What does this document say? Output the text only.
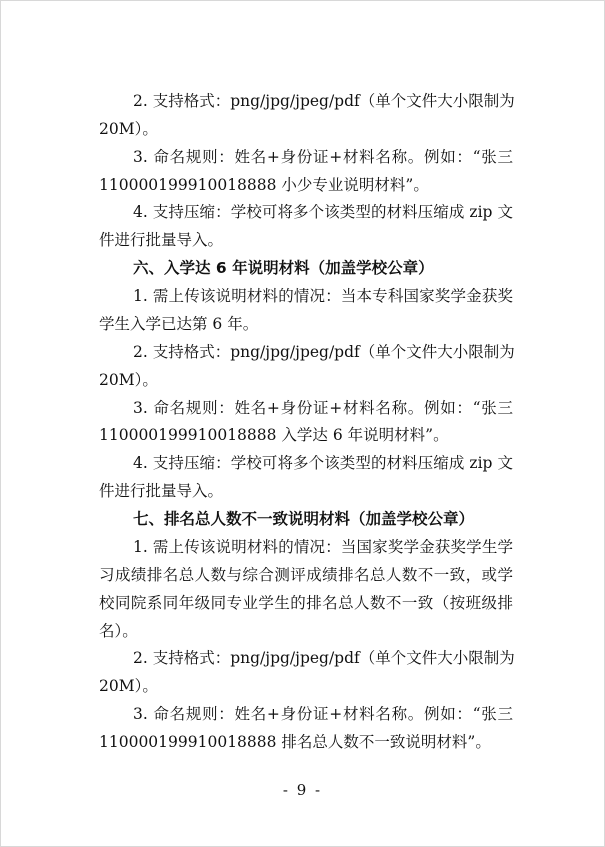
2. 支持格式：png/jpg/jpeg/pdf（单个文件大小限制为
20M）。
3. 命名规则：姓名+身份证+材料名称。例如：“张三
110000199910018888 小少专业说明材料”。
4. 支持压缩：学校可将多个该类型的材料压缩成 zip 文
件进行批量导入。
六、入学达 6 年说明材料（加盖学校公章）
1. 需上传该说明材料的情况：当本专科国家奖学金获奖
学生入学已达第 6 年。
2. 支持格式：png/jpg/jpeg/pdf（单个文件大小限制为
20M）。
3. 命名规则：姓名+身份证+材料名称。例如：“张三
110000199910018888 入学达 6 年说明材料”。
4. 支持压缩：学校可将多个该类型的材料压缩成 zip 文
件进行批量导入。
七、排名总人数不一致说明材料（加盖学校公章）
1. 需上传该说明材料的情况：当国家奖学金获奖学生学
习成绩排名总人数与综合测评成绩排名总人数不一致，或学
校同院系同年级同专业学生的排名总人数不一致（按班级排
名）。
2. 支持格式：png/jpg/jpeg/pdf（单个文件大小限制为
20M）。
3. 命名规则：姓名+身份证+材料名称。例如：“张三
110000199910018888 排名总人数不一致说明材料”。
- 9 -
